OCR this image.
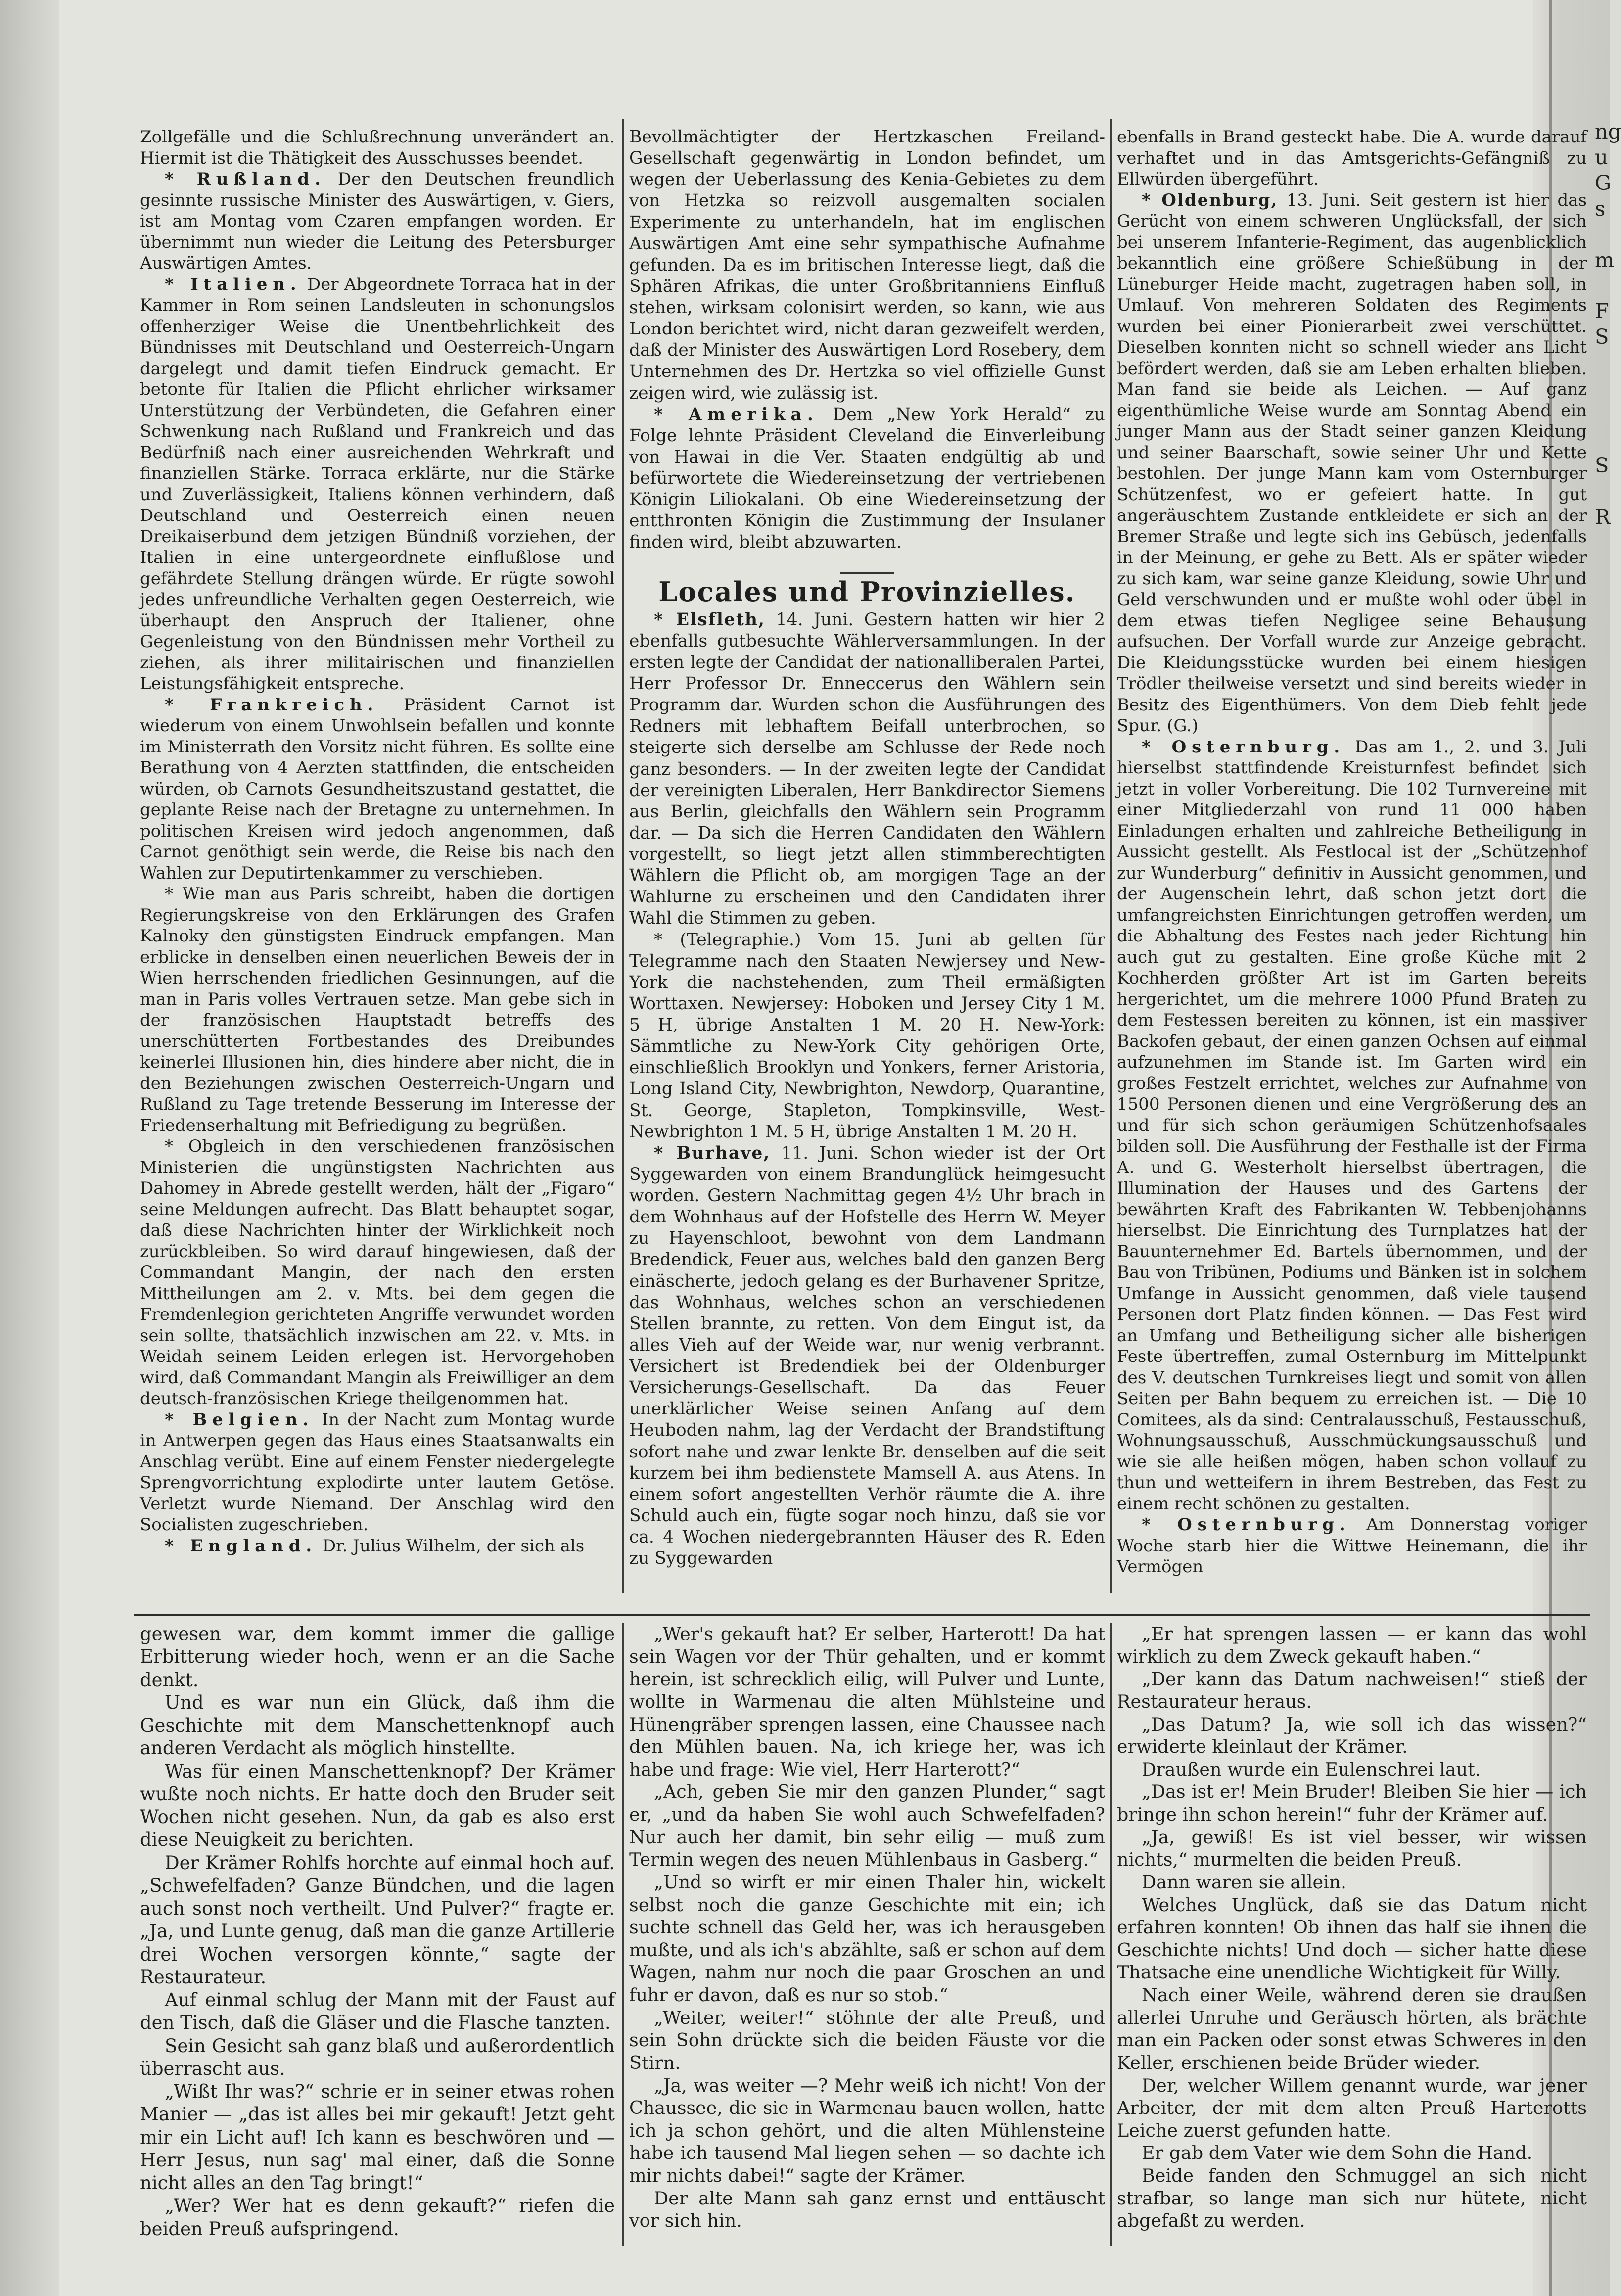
Zollgefälle und die Schlußrechnung unverändert an. Hiermit ist die Thätigkeit des Ausschusses beendet.

* Rußland. Der den Deutschen freundlich gesinnte russische Minister des Auswärtigen, v. Giers, ist am Montag vom Czaren empfangen worden. Er übernimmt nun wieder die Leitung des Petersburger Auswärtigen Amtes.

* Italien. Der Abgeordnete Torraca hat in der Kammer in Rom seinen Landsleuten in schonungslos offenherziger Weise die Unentbehrlichkeit des Bündnisses mit Deutschland und Oesterreich-Ungarn dargelegt und damit tiefen Eindruck gemacht. Er betonte für Italien die Pflicht ehrlicher wirksamer Unterstützung der Verbündeten, die Gefahren einer Schwenkung nach Rußland und Frankreich und das Bedürfniß nach einer ausreichenden Wehrkraft und finanziellen Stärke. Torraca erklärte, nur die Stärke und Zuverlässigkeit, Italiens können verhindern, daß Deutschland und Oesterreich einen neuen Dreikaiserbund dem jetzigen Bündniß vorziehen, der Italien in eine untergeordnete einflußlose und gefährdete Stellung drängen würde. Er rügte sowohl jedes unfreundliche Verhalten gegen Oesterreich, wie überhaupt den Anspruch der Italiener, ohne Gegenleistung von den Bündnissen mehr Vortheil zu ziehen, als ihrer militairischen und finanziellen Leistungsfähigkeit entspreche.

* Frankreich. Präsident Carnot ist wiederum von einem Unwohlsein befallen und konnte im Ministerrath den Vorsitz nicht führen. Es sollte eine Berathung von 4 Aerzten stattfinden, die entscheiden würden, ob Carnots Gesundheitszustand gestattet, die geplante Reise nach der Bretagne zu unternehmen. In politischen Kreisen wird jedoch angenommen, daß Carnot genöthigt sein werde, die Reise bis nach den Wahlen zur Deputirtenkammer zu verschieben.

* Wie man aus Paris schreibt, haben die dortigen Regierungskreise von den Erklärungen des Grafen Kalnoky den günstigsten Eindruck empfangen. Man erblicke in denselben einen neuerlichen Beweis der in Wien herrschenden friedlichen Gesinnungen, auf die man in Paris volles Vertrauen setze. Man gebe sich in der französischen Hauptstadt betreffs des unerschütterten Fortbestandes des Dreibundes keinerlei Illusionen hin, dies hindere aber nicht, die in den Beziehungen zwischen Oesterreich-Ungarn und Rußland zu Tage tretende Besserung im Interesse der Friedenserhaltung mit Befriedigung zu begrüßen.

* Obgleich in den verschiedenen französischen Ministerien die ungünstigsten Nachrichten aus Dahomey in Abrede gestellt werden, hält der „Figaro“ seine Meldungen aufrecht. Das Blatt behauptet sogar, daß diese Nachrichten hinter der Wirklichkeit noch zurückbleiben. So wird darauf hingewiesen, daß der Commandant Mangin, der nach den ersten Mittheilungen am 2. v. Mts. bei dem gegen die Fremdenlegion gerichteten Angriffe verwundet worden sein sollte, thatsächlich inzwischen am 22. v. Mts. in Weidah seinem Leiden erlegen ist. Hervorgehoben wird, daß Commandant Mangin als Freiwilliger an dem deutsch-französischen Kriege theilgenommen hat.

* Belgien. In der Nacht zum Montag wurde in Antwerpen gegen das Haus eines Staatsanwalts ein Anschlag verübt. Eine auf einem Fenster niedergelegte Sprengvorrichtung explodirte unter lautem Getöse. Verletzt wurde Niemand. Der Anschlag wird den Socialisten zugeschrieben.

* England. Dr. Julius Wilhelm, der sich als

Bevollmächtigter der Hertzkaschen Freiland-Gesellschaft gegenwärtig in London befindet, um wegen der Ueberlassung des Kenia-Gebietes zu dem von Hetzka so reizvoll ausgemalten socialen Experimente zu unterhandeln, hat im englischen Auswärtigen Amt eine sehr sympathische Aufnahme gefunden. Da es im britischen Interesse liegt, daß die Sphären Afrikas, die unter Großbritanniens Einfluß stehen, wirksam colonisirt werden, so kann, wie aus London berichtet wird, nicht daran gezweifelt werden, daß der Minister des Auswärtigen Lord Rosebery, dem Unternehmen des Dr. Hertzka so viel offizielle Gunst zeigen wird, wie zulässig ist.

* Amerika. Dem „New York Herald“ zu Folge lehnte Präsident Cleveland die Einverleibung von Hawai in die Ver. Staaten endgültig ab und befürwortete die Wiedereinsetzung der vertriebenen Königin Liliokalani. Ob eine Wiedereinsetzung der entthronten Königin die Zustimmung der Insulaner finden wird, bleibt abzuwarten.

Locales und Provinzielles.

* Elsfleth, 14. Juni. Gestern hatten wir hier 2 ebenfalls gutbesuchte Wählerversammlungen. In der ersten legte der Candidat der nationalliberalen Partei, Herr Professor Dr. Enneccerus den Wählern sein Programm dar. Wurden schon die Ausführungen des Redners mit lebhaftem Beifall unterbrochen, so steigerte sich derselbe am Schlusse der Rede noch ganz besonders. — In der zweiten legte der Candidat der vereinigten Liberalen, Herr Bankdirector Siemens aus Berlin, gleichfalls den Wählern sein Programm dar. — Da sich die Herren Candidaten den Wählern vorgestellt, so liegt jetzt allen stimmberechtigten Wählern die Pflicht ob, am morgigen Tage an der Wahlurne zu erscheinen und den Candidaten ihrer Wahl die Stimmen zu geben.

* (Telegraphie.) Vom 15. Juni ab gelten für Telegramme nach den Staaten Newjersey und New-York die nachstehenden, zum Theil ermäßigten Worttaxen. Newjersey: Hoboken und Jersey City 1 M. 5 H, übrige Anstalten 1 M. 20 H. New-York: Sämmtliche zu New-York City gehörigen Orte, einschließlich Brooklyn und Yonkers, ferner Aristoria, Long Island City, Newbrighton, Newdorp, Quarantine, St. George, Stapleton, Tompkinsville, West-Newbrighton 1 M. 5 H, übrige Anstalten 1 M. 20 H.

* Burhave, 11. Juni. Schon wieder ist der Ort Syggewarden von einem Brandunglück heimgesucht worden. Gestern Nachmittag gegen 4½ Uhr brach in dem Wohnhaus auf der Hofstelle des Herrn W. Meyer zu Hayenschloot, bewohnt von dem Landmann Bredendick, Feuer aus, welches bald den ganzen Berg einäscherte, jedoch gelang es der Burhavener Spritze, das Wohnhaus, welches schon an verschiedenen Stellen brannte, zu retten. Von dem Eingut ist, da alles Vieh auf der Weide war, nur wenig verbrannt. Versichert ist Bredendiek bei der Oldenburger Versicherungs-Gesellschaft. Da das Feuer unerklärlicher Weise seinen Anfang auf dem Heuboden nahm, lag der Verdacht der Brandstiftung sofort nahe und zwar lenkte Br. denselben auf die seit kurzem bei ihm bedienstete Mamsell A. aus Atens. In einem sofort angestellten Verhör räumte die A. ihre Schuld auch ein, fügte sogar noch hinzu, daß sie vor ca. 4 Wochen niedergebrannten Häuser des R. Eden zu Syggewarden

ebenfalls in Brand gesteckt habe. Die A. wurde darauf verhaftet und in das Amtsgerichts-Gefängniß zu Ellwürden übergeführt.

* Oldenburg, 13. Juni. Seit gestern ist hier das Gerücht von einem schweren Unglücksfall, der sich bei unserem Infanterie-Regiment, das augenblicklich bekanntlich eine größere Schießübung in der Lüneburger Heide macht, zugetragen haben soll, in Umlauf. Von mehreren Soldaten des Regiments wurden bei einer Pionierarbeit zwei verschüttet. Dieselben konnten nicht so schnell wieder ans Licht befördert werden, daß sie am Leben erhalten blieben. Man fand sie beide als Leichen. — Auf ganz eigenthümliche Weise wurde am Sonntag Abend ein junger Mann aus der Stadt seiner ganzen Kleidung und seiner Baarschaft, sowie seiner Uhr und Kette bestohlen. Der junge Mann kam vom Osternburger Schützenfest, wo er gefeiert hatte. In gut angeräuschtem Zustande entkleidete er sich an der Bremer Straße und legte sich ins Gebüsch, jedenfalls in der Meinung, er gehe zu Bett. Als er später wieder zu sich kam, war seine ganze Kleidung, sowie Uhr und Geld verschwunden und er mußte wohl oder übel in dem etwas tiefen Negligee seine Behausung aufsuchen. Der Vorfall wurde zur Anzeige gebracht. Die Kleidungsstücke wurden bei einem hiesigen Trödler theilweise versetzt und sind bereits wieder in Besitz des Eigenthümers. Von dem Dieb fehlt jede Spur. (G.)

* Osternburg. Das am 1., 2. und 3. Juli hierselbst stattfindende Kreisturnfest befindet sich jetzt in voller Vorbereitung. Die 102 Turnvereine mit einer Mitgliederzahl von rund 11 000 haben Einladungen erhalten und zahlreiche Betheiligung in Aussicht gestellt. Als Festlocal ist der „Schützenhof zur Wunderburg“ definitiv in Aussicht genommen, und der Augenschein lehrt, daß schon jetzt dort die umfangreichsten Einrichtungen getroffen werden, um die Abhaltung des Festes nach jeder Richtung hin auch gut zu gestalten. Eine große Küche mit 2 Kochherden größter Art ist im Garten bereits hergerichtet, um die mehrere 1000 Pfund Braten zu dem Festessen bereiten zu können, ist ein massiver Backofen gebaut, der einen ganzen Ochsen auf einmal aufzunehmen im Stande ist. Im Garten wird ein großes Festzelt errichtet, welches zur Aufnahme von 1500 Personen dienen und eine Vergrößerung des an und für sich schon geräumigen Schützenhofsaales bilden soll. Die Ausführung der Festhalle ist der Firma A. und G. Westerholt hierselbst übertragen, die Illumination der Hauses und des Gartens der bewährten Kraft des Fabrikanten W. Tebbenjohanns hierselbst. Die Einrichtung des Turnplatzes hat der Bauunternehmer Ed. Bartels übernommen, und der Bau von Tribünen, Podiums und Bänken ist in solchem Umfange in Aussicht genommen, daß viele tausend Personen dort Platz finden können. — Das Fest wird an Umfang und Betheiligung sicher alle bisherigen Feste übertreffen, zumal Osternburg im Mittelpunkt des V. deutschen Turnkreises liegt und somit von allen Seiten per Bahn bequem zu erreichen ist. — Die 10 Comitees, als da sind: Centralausschuß, Festausschuß, Wohnungsausschuß, Ausschmückungsausschuß und wie sie alle heißen mögen, haben schon vollauf zu thun und wetteifern in ihrem Bestreben, das Fest zu einem recht schönen zu gestalten.

* Osternburg. Am Donnerstag voriger Woche starb hier die Wittwe Heinemann, die ihr Vermögen

gewesen war, dem kommt immer die gallige Erbitterung wieder hoch, wenn er an die Sache denkt.

Und es war nun ein Glück, daß ihm die Geschichte mit dem Manschettenknopf auch anderen Verdacht als möglich hinstellte.

Was für einen Manschettenknopf? Der Krämer wußte noch nichts. Er hatte doch den Bruder seit Wochen nicht gesehen. Nun, da gab es also erst diese Neuigkeit zu berichten.

Der Krämer Rohlfs horchte auf einmal hoch auf. „Schwefelfaden? Ganze Bündchen, und die lagen auch sonst noch vertheilt. Und Pulver?“ fragte er. „Ja, und Lunte genug, daß man die ganze Artillerie drei Wochen versorgen könnte,“ sagte der Restaurateur.

Auf einmal schlug der Mann mit der Faust auf den Tisch, daß die Gläser und die Flasche tanzten.

Sein Gesicht sah ganz blaß und außerordentlich überrascht aus.

„Wißt Ihr was?“ schrie er in seiner etwas rohen Manier — „das ist alles bei mir gekauft! Jetzt geht mir ein Licht auf! Ich kann es beschwören und — Herr Jesus, nun sag' mal einer, daß die Sonne nicht alles an den Tag bringt!“

„Wer? Wer hat es denn gekauft?“ riefen die beiden Preuß aufspringend.

„Wer's gekauft hat? Er selber, Harterott! Da hat sein Wagen vor der Thür gehalten, und er kommt herein, ist schrecklich eilig, will Pulver und Lunte, wollte in Warmenau die alten Mühlsteine und Hünengräber sprengen lassen, eine Chaussee nach den Mühlen bauen. Na, ich kriege her, was ich habe und frage: Wie viel, Herr Harterott?“

„Ach, geben Sie mir den ganzen Plunder,“ sagt er, „und da haben Sie wohl auch Schwefelfaden? Nur auch her damit, bin sehr eilig — muß zum Termin wegen des neuen Mühlenbaus in Gasberg.“

„Und so wirft er mir einen Thaler hin, wickelt selbst noch die ganze Geschichte mit ein; ich suchte schnell das Geld her, was ich herausgeben mußte, und als ich's abzählte, saß er schon auf dem Wagen, nahm nur noch die paar Groschen an und fuhr er davon, daß es nur so stob.“

„Weiter, weiter!“ stöhnte der alte Preuß, und sein Sohn drückte sich die beiden Fäuste vor die Stirn.

„Ja, was weiter —? Mehr weiß ich nicht! Von der Chaussee, die sie in Warmenau bauen wollen, hatte ich ja schon gehört, und die alten Mühlensteine habe ich tausend Mal liegen sehen — so dachte ich mir nichts dabei!“ sagte der Krämer.

Der alte Mann sah ganz ernst und enttäuscht vor sich hin.

„Er hat sprengen lassen — er kann das wohl wirklich zu dem Zweck gekauft haben.“

„Der kann das Datum nachweisen!“ stieß der Restaurateur heraus.

„Das Datum? Ja, wie soll ich das wissen?“ erwiderte kleinlaut der Krämer.

Draußen wurde ein Eulenschrei laut.

„Das ist er! Mein Bruder! Bleiben Sie hier — ich bringe ihn schon herein!“ fuhr der Krämer auf.

„Ja, gewiß! Es ist viel besser, wir wissen nichts,“ murmelten die beiden Preuß.

Dann waren sie allein.

Welches Unglück, daß sie das Datum nicht erfahren konnten! Ob ihnen das half sie ihnen die Geschichte nichts! Und doch — sicher hatte diese Thatsache eine unendliche Wichtigkeit für Willy.

Nach einer Weile, während deren sie draußen allerlei Unruhe und Geräusch hörten, als brächte man ein Packen oder sonst etwas Schweres in den Keller, erschienen beide Brüder wieder.

Der, welcher Willem genannt wurde, war jener Arbeiter, der mit dem alten Preuß Harterotts Leiche zuerst gefunden hatte.

Er gab dem Vater wie dem Sohn die Hand.

Beide fanden den Schmuggel an sich nicht strafbar, so lange man sich nur hütete, nicht abgefaßt zu werden.

ng
u
G
s

m

F
S

S

R
